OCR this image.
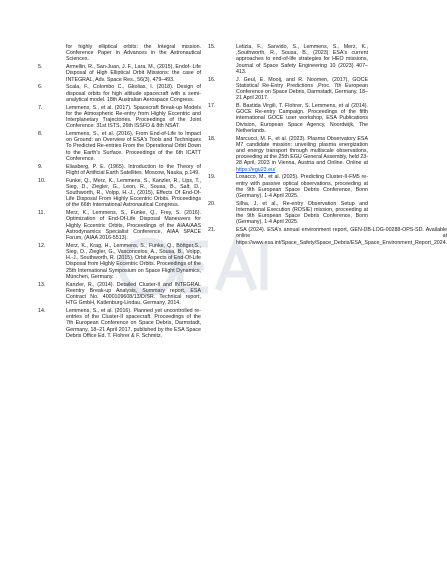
for highly elliptical orbits: the Integral mission. Conference Paper in Advances in the Astronautical Sciences.
5.	Armellin, R., San-Juan, J. F., Lara, M., (2015), Endof- Life Disposal of High Elliptical Orbit Missions: the case of INTEGRAL, Adv. Space Res., 56(3), 479–493.
6.	Scala, F., Colombo C., Gkolias, I. (2018). Design of disposal orbits for high altitude spacecraft with a semi-analytical model. 18th Australian Aerospace Congress.
7.	Lemmens, S., et al. (2017). Spacecraft Break-up Models for the Atmospheric Re-entry from Highly Eccentric and Interplanetary Trajectories. Proceedings of the Joint Conference: 31st ISTS, 26th ISSFD & 8th NSAT.
8.	Lemmens, S., et al. (2016), From End-of-Life to Impact on Ground: an Overview of ESA's Tools and Techniques To Predicted Re-entries From the Operational Orbit Down to the Earth's Surface. Proceedings of the 6th ICATT Conference.
9.	Eliasberg, P. E. (1965). Introduction to the Theory of Flight of Artificial Earth Satellites. Moscow, Nauka, p.149.
10.	Funke, Q., Merz, K., Lemmens, S., Kanzler, R., Lips, T., Sieg, D., Ziegler, G., Leon, R., Sousa, B., Salt, D., Southworth, R., Volpp, H.-J., (2015), Effects Of End-Of-Life Disposal From Highly Eccentric Orbits. Proceedings of the 66th International Astronautical Congress.
11.	Merz, K., Lemmens, S., Funke, Q., Frey, S. (2016). Optimization of End-Of-Life Disposal Maneuvers for Highly Eccentric Orbits, Proceedings of the AIAA/AAS Astrodynamics Specialist Conference, AIAA SPACE Forum, (AIAA 2016-5513).
12.	Merz, K., Krag, H., Lemmens, S., Funke, Q., Böttger,S., Sieg, D., Ziegler, G., Vasconcelos, A., Sousa, B., Volpp, H.-J., Southworth, R. (2015), Orbit Aspects of End-Of-Life Disposal from Highly Eccentric Orbits. Proceedings of the 25th International Symposium on Space Flight Dynamics, München, Germany.
13.	Kanzler, R., (2014). Detailed Cluster-II and INTEGRAL Reentry Break-up Analysis, Summary report, ESA Contract No. 4000109608/13/D/SR. Technical report, HTG GmbH, Katlenburg-Lindau, Germany, 2014.
14.	Lemmens, S., et al. (2016). Planned yet uncontrolled re-entries of the Cluster-II spacecraft. Proceedings of the 7th European Conference on Space Debris, Darmstadt, Germany, 18–21 April 2017, published by the ESA Space Debris Office Ed. T. Flohrer & F. Schmitz.
15.	Letizia, F., Sanvido, S., Lemmens, S., Merz, K., ,Southworth, R., Sousa, B., (2023) ESA's current approaches to end-of-life strategies for HEO missions, Journal of Space Safety Engineering 10 (2023) 407–413.
16.	J. Geul, E. Mooij, and R. Noomen, (2017), GOCE Statistical Re-Entry Predictions ,Proc. 7th European Conference on Space Debris, Darmstadt, Germany, 18–21 April 2017.
17.	B. Bastida Virgili, T. Flohrer, S. Lemmens, et al (2014). GOCE Re-entry Campaign. Proceedings of the fifth international GOCE user workshop, ESA Publications Division, European Space Agency, Noordwijk, The Netherlands.
18.	Marcucci, M. F., et al. (2023). Plasma Observatory ESA M7 candidate mission: unveiling plasma energization and energy transport through multiscale observations, proceeding at the 25th EGU General Assembly, held 23-28 April, 2023 in Vienna, Austria and Online. Online at https://egu23.eu/
19.	Losacco, M., et al. (2025). Predicting Cluster-II-FM5 re-entry with passive optical observations, proceeding at the 9th European Space Debris Conference, Bonn (Germany), 1-4 April 2025.
20.	Silha, J, et al., Re-entry Observation Setup and International Execution (ROSIE) mission, proceeding at the 9th European Space Debris Conference, Bonn (Germany), 1-4 April 2025.
21.	ESA (2024). ESA's annual environment report, GEN-DB-LOG-00288-OPS-SD. Available online at https://www.esa.int/Space_Safety/Space_Debris/ESA_Space_Environment_Report_2024.
